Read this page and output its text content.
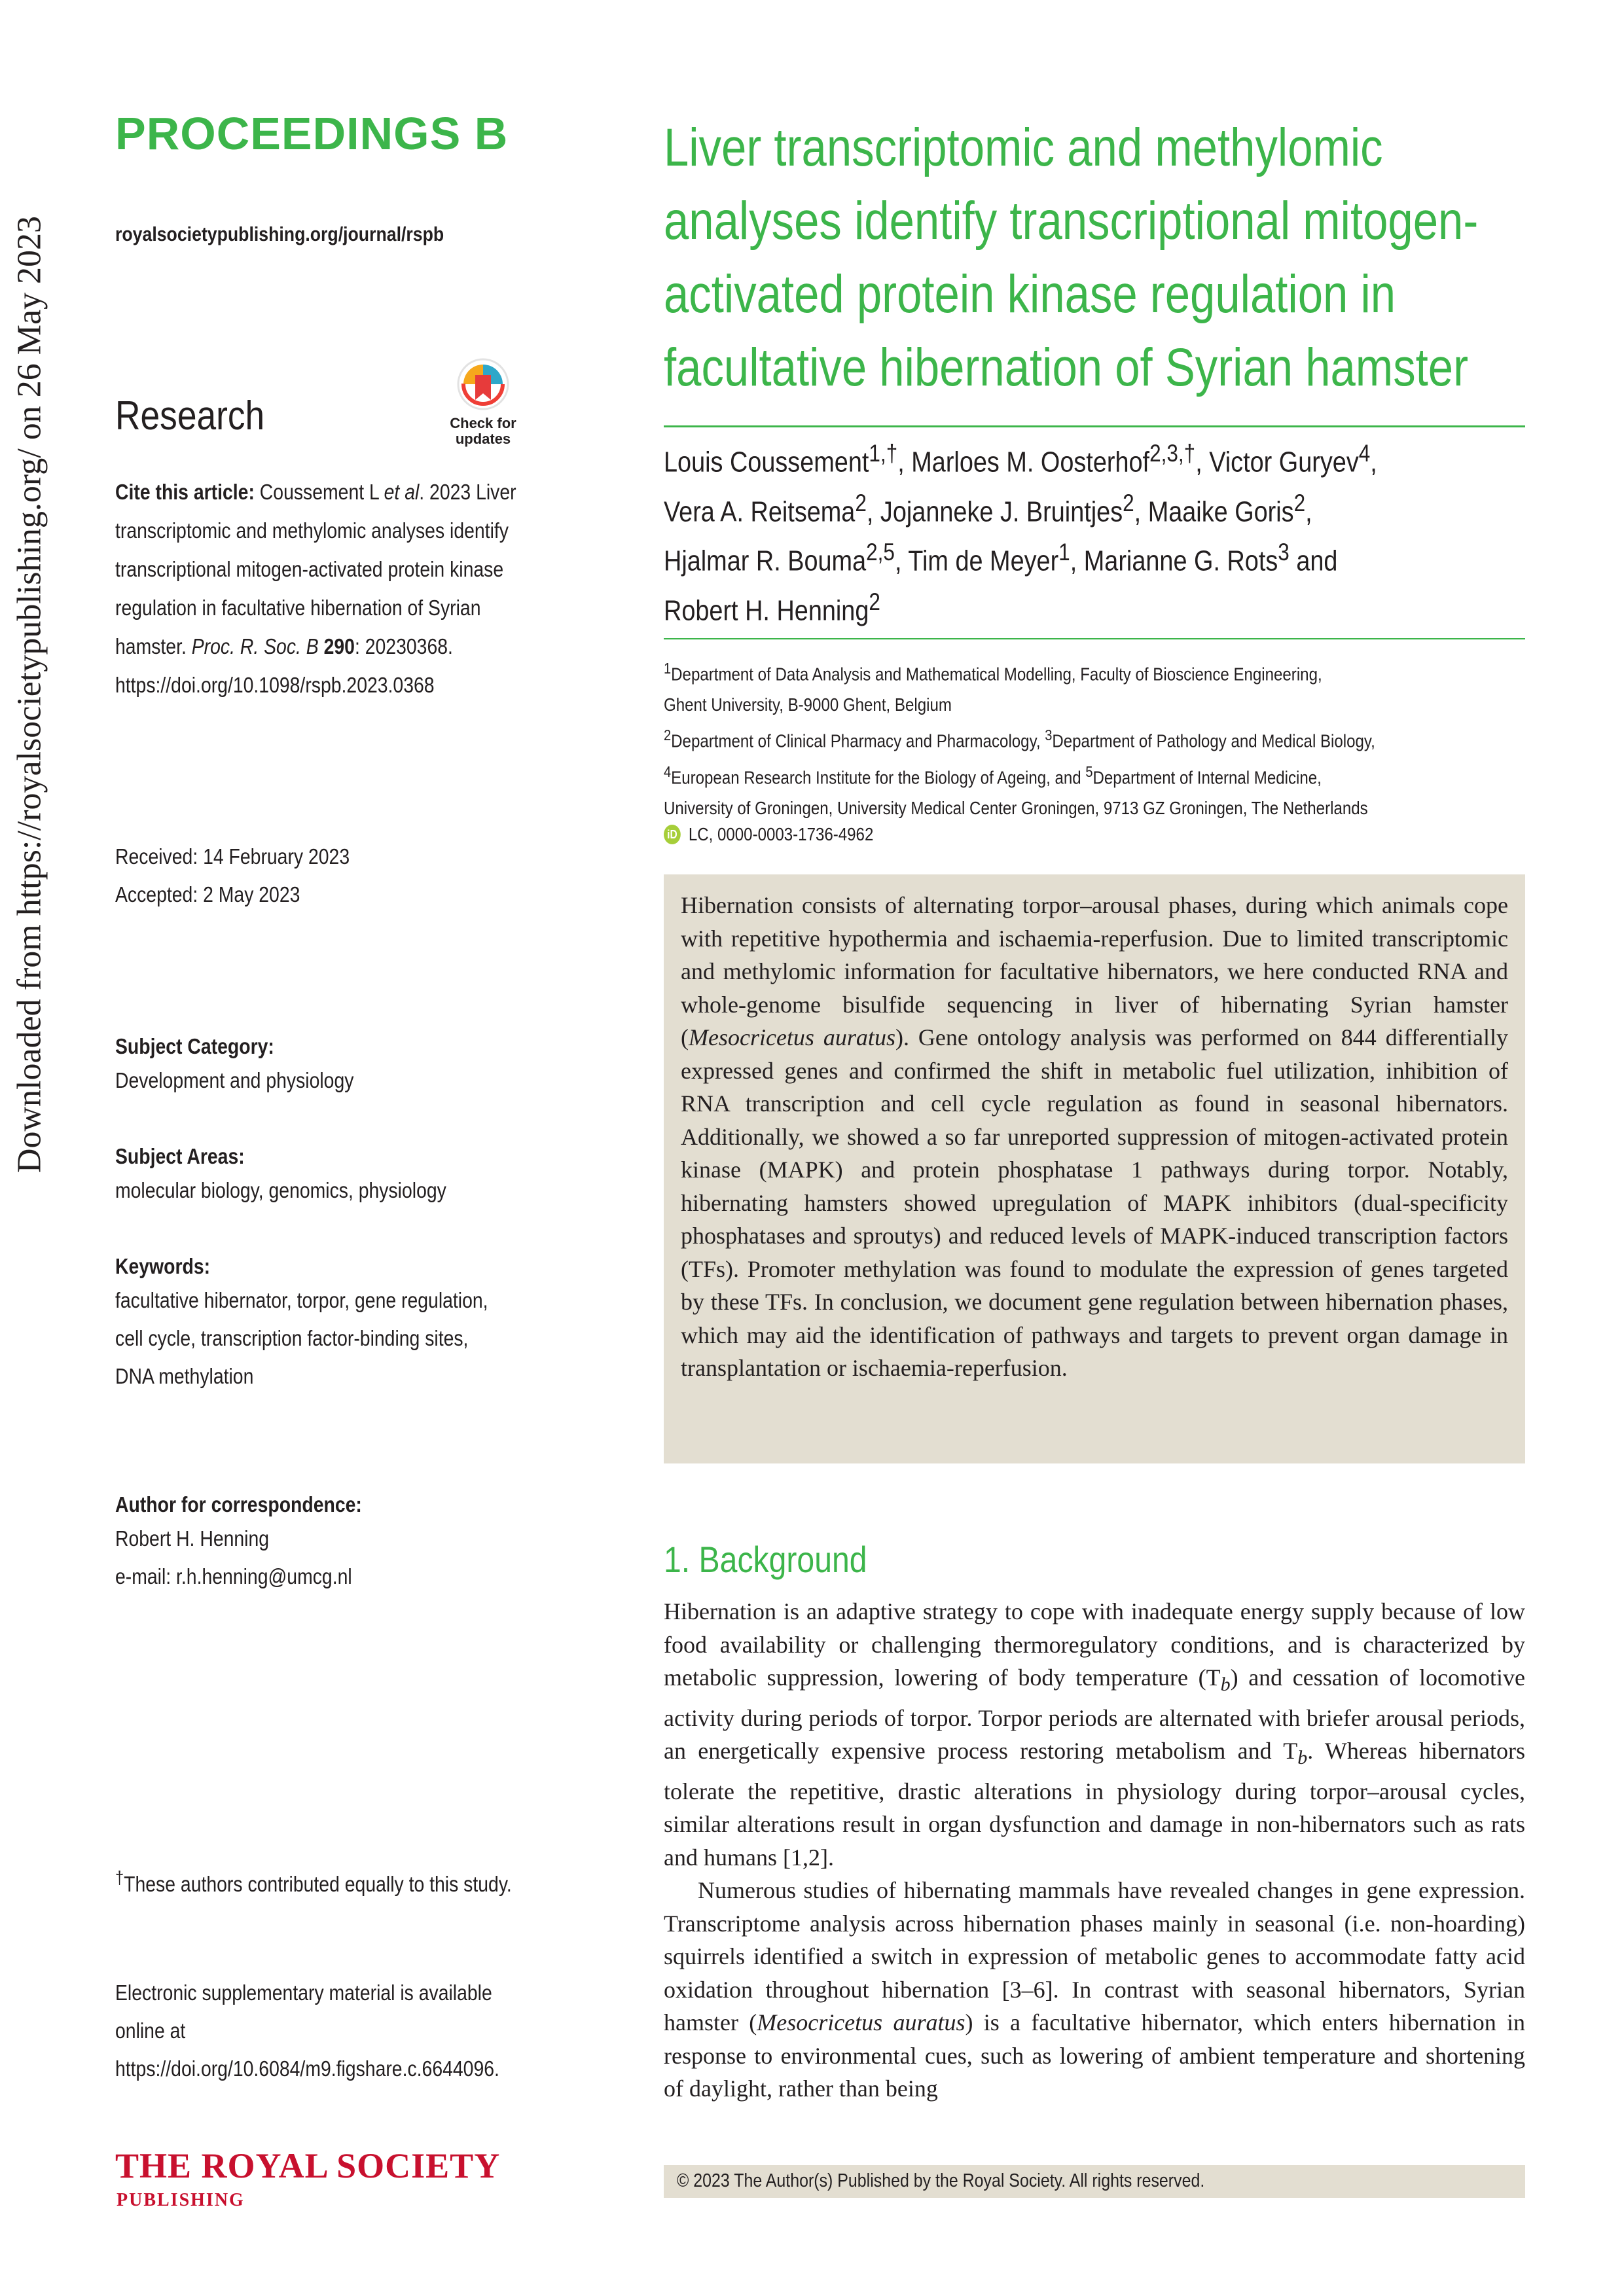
Downloaded from https://royalsocietypublishing.org/ on 26 May 2023
PROCEEDINGS B
royalsocietypublishing.org/journal/rspb
Research	Check for
updates
Cite this article: Coussement L et al. 2023 Liver transcriptomic and methylomic analyses identify transcriptional mitogen-activated protein kinase regulation in facultative hibernation of Syrian hamster. Proc. R. Soc. B 290: 20230368.
https://doi.org/10.1098/rspb.2023.0368
Received: 14 February 2023
Accepted: 2 May 2023
Subject Category:
Development and physiology
Subject Areas:
molecular biology, genomics, physiology
Keywords:
facultative hibernator, torpor, gene regulation,
cell cycle, transcription factor-binding sites,
DNA methylation
Author for correspondence:
Robert H. Henning
e-mail: r.h.henning@umcg.nl
†These authors contributed equally to this study.
Electronic supplementary material is available online at https://doi.org/10.6084/m9.figshare.c.6644096.
THE ROYAL SOCIETY
PUBLISHING
Liver transcriptomic and methylomic
analyses identify transcriptional mitogen-
activated protein kinase regulation in
facultative hibernation of Syrian hamster
Louis Coussement$^{1,\dagger}$, Marloes M. Oosterhof$^{2,3,\dagger}$, Victor Guryev$^4$,
Vera A. Reitsema$^2$, Jojanneke J. Bruintjes$^2$, Maaike Goris$^2$,
Hjalmar R. Bouma$^{2,5}$, Tim de Meyer$^1$, Marianne G. Rots$^3$ and
Robert H. Henning$^2$
$^1$Department of Data Analysis and Mathematical Modelling, Faculty of Bioscience Engineering,
Ghent University, B-9000 Ghent, Belgium
$^2$Department of Clinical Pharmacy and Pharmacology, $^3$Department of Pathology and Medical Biology,
$^4$European Research Institute for the Biology of Ageing, and $^5$Department of Internal Medicine,
University of Groningen, University Medical Center Groningen, 9713 GZ Groningen, The Netherlands
iD LC, 0000-0003-1736-4962

Hibernation consists of alternating torpor–arousal phases, during which animals cope with repetitive hypothermia and ischaemia-reperfusion. Due to limited transcriptomic and methylomic information for facultative hibernators, we here conducted RNA and whole-genome bisulfide sequencing in liver of hibernating Syrian hamster (Mesocricetus auratus). Gene ontology analysis was performed on 844 differentially expressed genes and confirmed the shift in metabolic fuel utilization, inhibition of RNA transcription and cell cycle regulation as found in seasonal hibernators. Additionally, we showed a so far unreported suppression of mitogen-activated protein kinase (MAPK) and protein phosphatase 1 pathways during torpor. Notably, hibernating hamsters showed upregulation of MAPK inhibitors (dual-specificity phosphatases and sproutys) and reduced levels of MAPK-induced transcription factors (TFs). Promoter methylation was found to modulate the expression of genes targeted by these TFs. In conclusion, we document gene regulation between hibernation phases, which may aid the identification of pathways and targets to prevent organ damage in transplantation or ischaemia-reperfusion.

1. Background

Hibernation is an adaptive strategy to cope with inadequate energy supply because of low food availability or challenging thermoregulatory conditions, and is characterized by metabolic suppression, lowering of body temperature $(T_b)$ and cessation of locomotive activity during periods of torpor. Torpor periods are alternated with briefer arousal periods, an energetically expensive process restoring metabolism and $T_b$. Whereas hibernators tolerate the repetitive, drastic alterations in physiology during torpor–arousal cycles, similar alterations result in organ dysfunction and damage in non-hibernators such as rats and humans [1,2].

Numerous studies of hibernating mammals have revealed changes in gene expression. Transcriptome analysis across hibernation phases mainly in seasonal (i.e. non-hoarding) squirrels identified a switch in expression of metabolic genes to accommodate fatty acid oxidation throughout hibernation [3–6]. In contrast with seasonal hibernators, Syrian hamster (Mesocricetus auratus) is a facultative hibernator, which enters hibernation in response to environmental cues, such as lowering of ambient temperature and shortening of daylight, rather than being

© 2023 The Author(s) Published by the Royal Society. All rights reserved.
